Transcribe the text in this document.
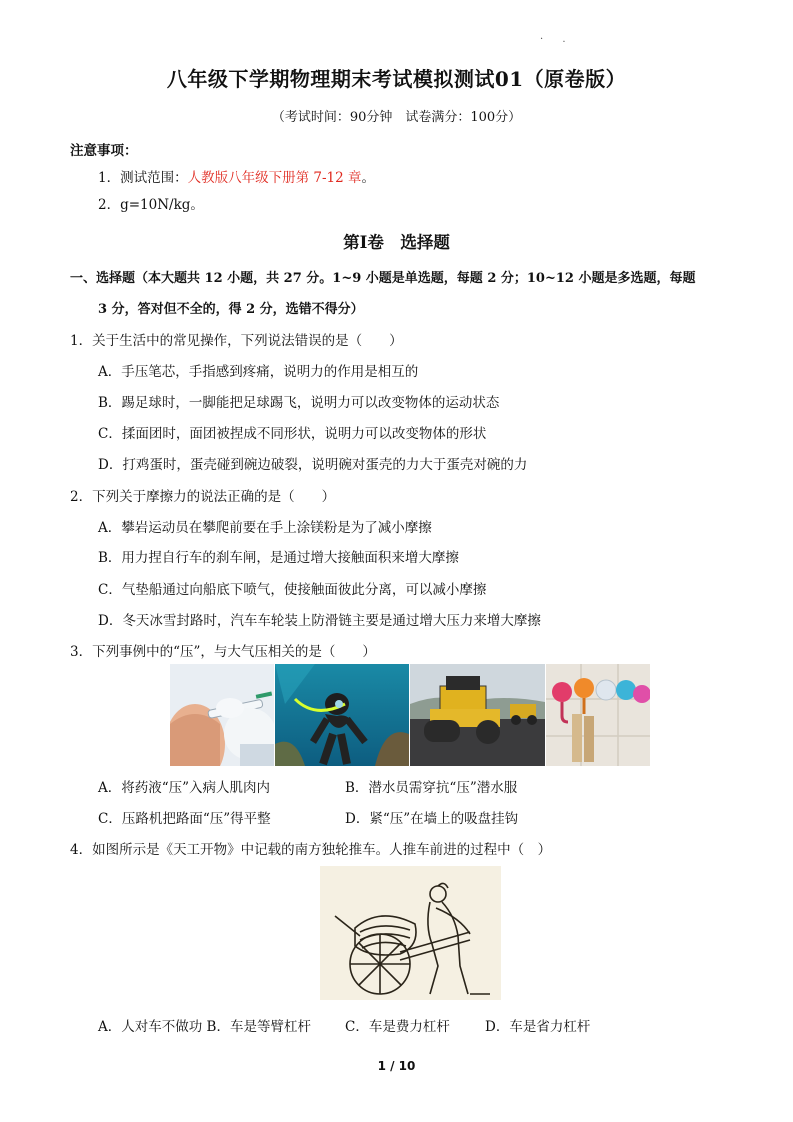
· .
八年级下学期物理期末考试模拟测试01（原卷版）
（考试时间：90分钟　试卷满分：100分）
注意事项：
1．测试范围：人教版八年级下册第 7-12 章。
2．g=10N/kg。
第Ⅰ卷　选择题
一、选择题（本大题共 12 小题，共 27 分。1~9 小题是单选题，每题 2 分；10~12 小题是多选题，每题
3 分，答对但不全的，得 2 分，选错不得分）
1．关于生活中的常见操作，下列说法错误的是（　　）
A．手压笔芯，手指感到疼痛，说明力的作用是相互的
B．踢足球时，一脚能把足球踢飞，说明力可以改变物体的运动状态
C．揉面团时，面团被捏成不同形状，说明力可以改变物体的形状
D．打鸡蛋时，蛋壳碰到碗边破裂，说明碗对蛋壳的力大于蛋壳对碗的力
2．下列关于摩擦力的说法正确的是（　　）
A．攀岩运动员在攀爬前要在手上涂镁粉是为了减小摩擦
B．用力捏自行车的刹车闸，是通过增大接触面积来增大摩擦
C．气垫船通过向船底下喷气，使接触面彼此分离，可以减小摩擦
D．冬天冰雪封路时，汽车车轮装上防滑链主要是通过增大压力来增大摩擦
3．下列事例中的“压”，与大气压相关的是（　　）
A．将药液“压”入病人肌肉内	B．潜水员需穿抗“压”潜水服
C．压路机把路面“压”得平整	D．紧“压”在墙上的吸盘挂钩
4．如图所示是《天工开物》中记载的南方独轮推车。人推车前进的过程中（　）
A．人对车不做功 B．车是等臂杠杆	C．车是费力杠杆	D．车是省力杠杆
1 / 10
